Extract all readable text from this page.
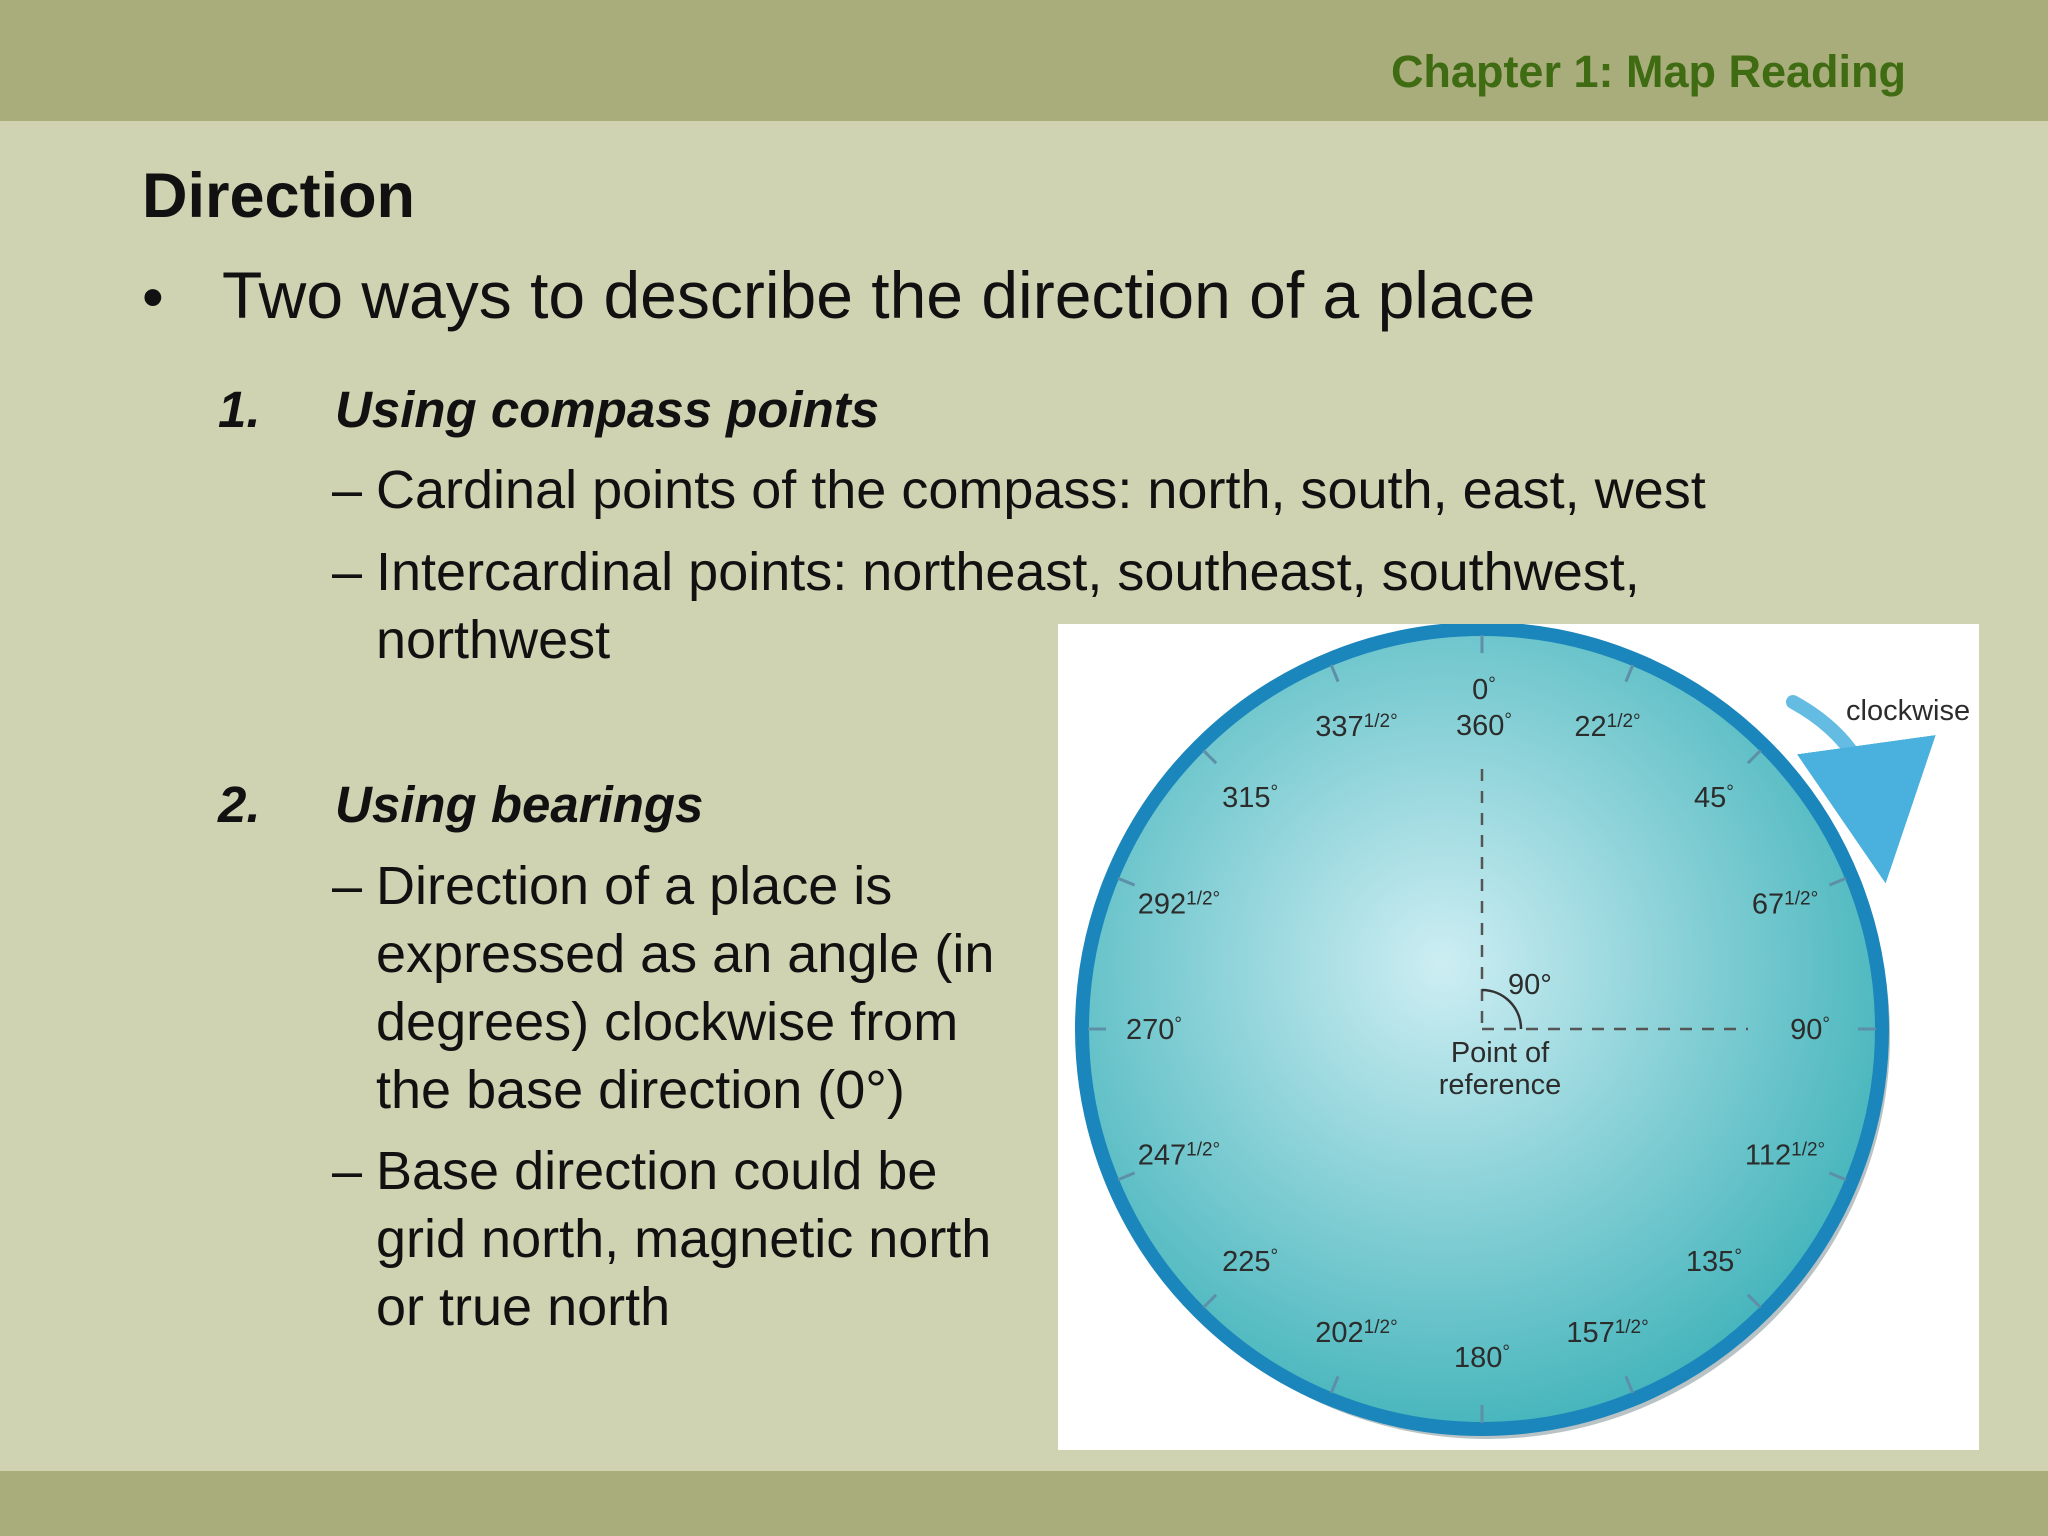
Chapter 1: Map Reading
Direction
• Two ways to describe the direction of a place
1. Using compass points
– Cardinal points of the compass: north, south, east, west
– Intercardinal points: northeast, southeast, southwest,
northwest
2. Using bearings
– Direction of a place is
expressed as an angle (in
degrees) clockwise from
the base direction (0°)
– Base direction could be
grid north, magnetic north
or true north
90°
Point of
reference
0°
$22^{1/2^\circ}$
45°
$67^{1/2^\circ}$
90°
$112^{1/2^\circ}$
135°
$157^{1/2^\circ}$
180°
$202^{1/2^\circ}$
225°
$247^{1/2^\circ}$
270°
$292^{1/2^\circ}$
315°
$337^{1/2^\circ}$ 360°	clockwise
